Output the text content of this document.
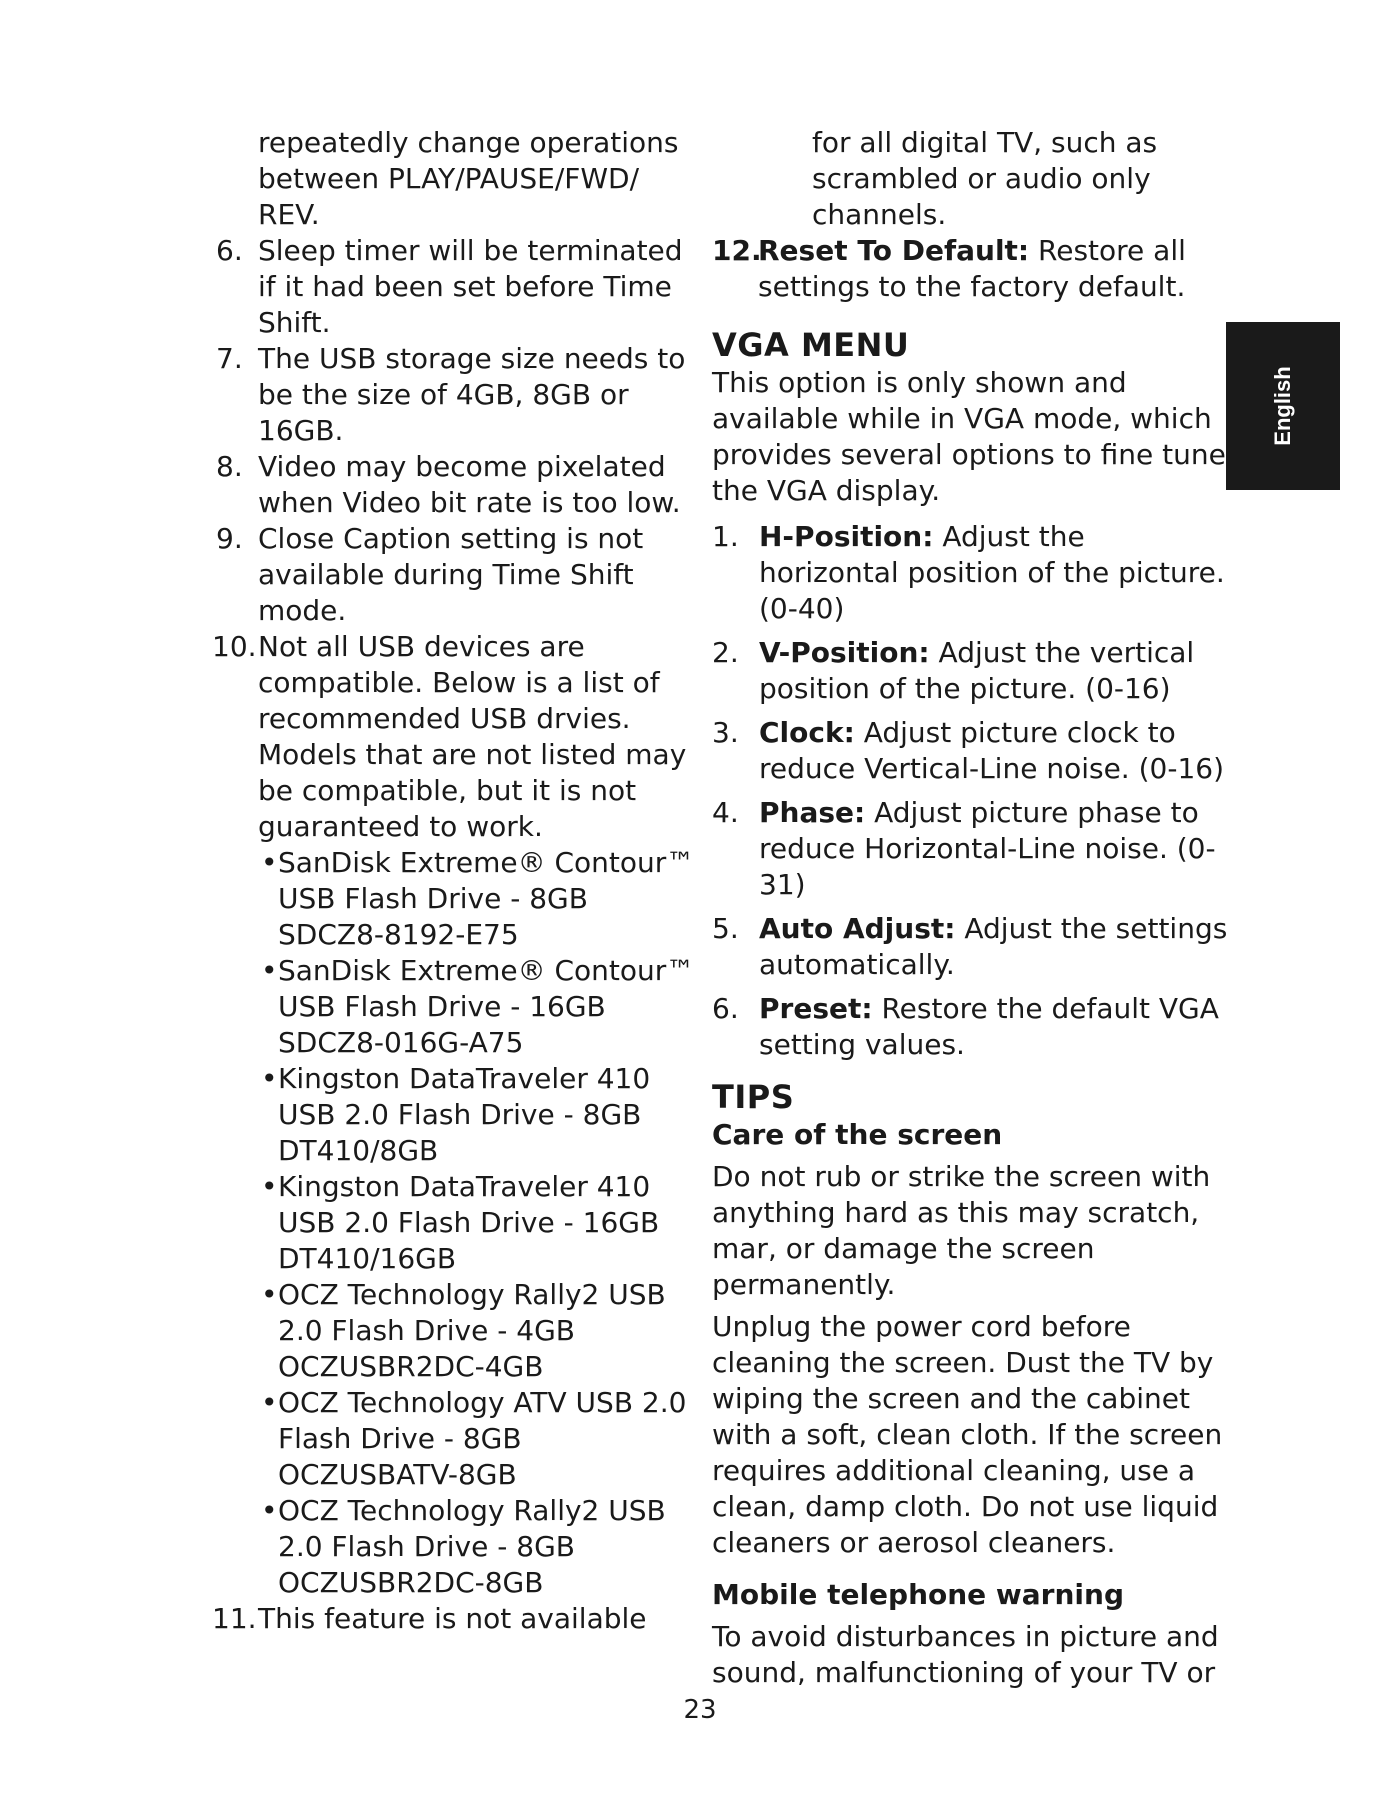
repeatedly change operations between PLAY/PAUSE/FWD/ REV.

6. Sleep timer will be terminated if it had been set before Time Shift.
7. The USB storage size needs to be the size of 4GB, 8GB or 16GB.
8. Video may become pixelated when Video bit rate is too low.
9. Close Caption setting is not available during Time Shift mode.
10. Not all USB devices are compatible. Below is a list of recommended USB drvies. Models that are not listed may be compatible, but it is not guaranteed to work.
• SanDisk Extreme® Contour™ USB Flash Drive - 8GB SDCZ8-8192-E75
• SanDisk Extreme® Contour™ USB Flash Drive - 16GB SDCZ8-016G-A75
• Kingston DataTraveler 410 USB 2.0 Flash Drive - 8GB DT410/8GB
• Kingston DataTraveler 410 USB 2.0 Flash Drive - 16GB DT410/16GB
• OCZ Technology Rally2 USB 2.0 Flash Drive - 4GB OCZUSBR2DC-4GB
• OCZ Technology ATV USB 2.0 Flash Drive - 8GB OCZUSBATV-8GB
• OCZ Technology Rally2 USB 2.0 Flash Drive - 8GB OCZUSBR2DC-8GB
11. This feature is not available

for all digital TV, such as scrambled or audio only channels.

12.
Reset To Default: Restore all settings to the factory default.
VGA MENU

This option is only shown and available while in VGA mode, which provides several options to fine tune the VGA display.

1. H-Position: Adjust the horizontal position of the picture. (0-40)
2. V-Position: Adjust the vertical position of the picture. (0-16)
3. Clock: Adjust picture clock to reduce Vertical-Line noise. (0-16)
4. Phase: Adjust picture phase to reduce Horizontal-Line noise. (0-31)
5. Auto Adjust: Adjust the settings automatically.
6. Preset: Restore the default VGA setting values.
TIPS
Care of the screen

Do not rub or strike the screen with anything hard as this may scratch, mar, or damage the screen permanently.

Unplug the power cord before cleaning the screen. Dust the TV by wiping the screen and the cabinet with a soft, clean cloth. If the screen requires additional cleaning, use a clean, damp cloth. Do not use liquid cleaners or aerosol cleaners.

Mobile telephone warning

To avoid disturbances in picture and sound, malfunctioning of your TV or

English
23
